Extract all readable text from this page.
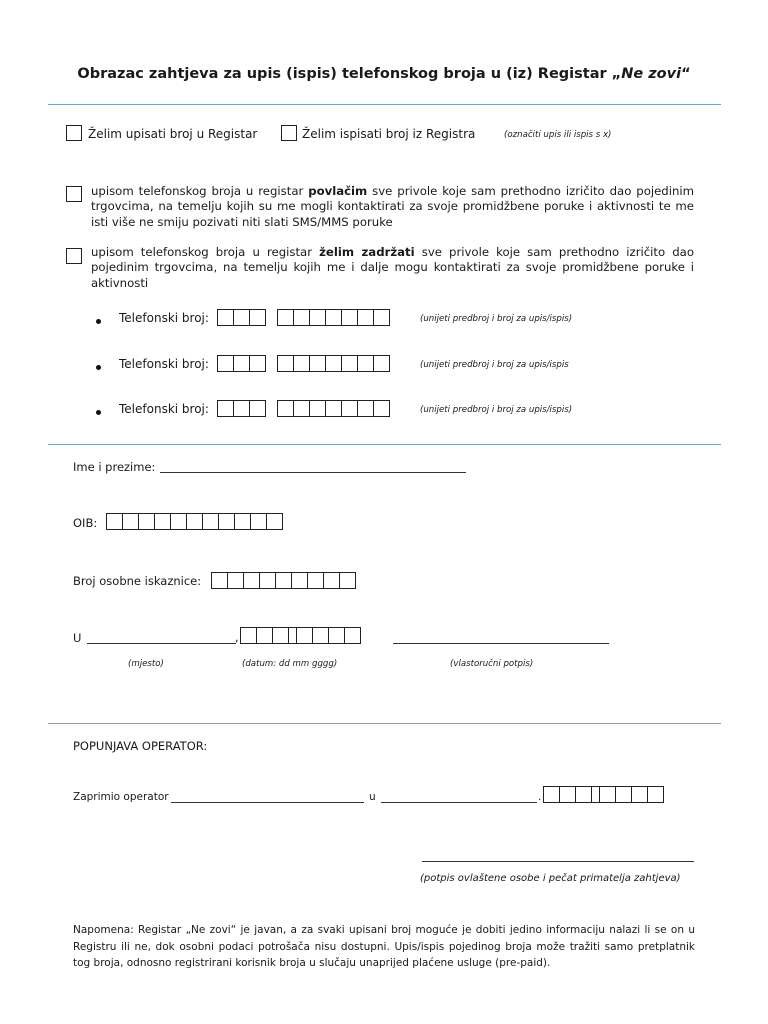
Obrazac zahtjeva za upis (ispis) telefonskog broja u (iz) Registar „Ne zovi“
Želim upisati broj u Registar	Želim ispisati broj iz Registra	(označiti upis ili ispis s x)
upisom telefonskog broja u registar povlačim sve privole koje sam prethodno izričito dao pojedinim trgovcima, na temelju kojih su me mogli kontaktirati za svoje promidžbene poruke i aktivnosti te me isti više ne smiju pozivati niti slati SMS/MMS poruke
upisom telefonskog broja u registar želim zadržati sve privole koje sam prethodno izričito dao pojedinim trgovcima, na temelju kojih me i dalje mogu kontaktirati za svoje promidžbene poruke i aktivnosti
Telefonski broj:	(unijeti predbroj i broj za upis/ispis)
Telefonski broj:	(unijeti predbroj i broj za upis/ispis
Telefonski broj:	(unijeti predbroj i broj za upis/ispis)
Ime i prezime:
OIB:
Broj osobne iskaznice:
U	,
(mjesto)	(datum: dd mm gggg)	(vlastoručni potpis)
POPUNJAVA OPERATOR:
Zaprimio operator	u	.
(potpis ovlaštene osobe i pečat primatelja zahtjeva)
Napomena: Registar „Ne zovi“ je javan, a za svaki upisani broj moguće je dobiti jedino informaciju nalazi li se on u Registru ili ne, dok osobni podaci potrošača nisu dostupni. Upis/ispis pojedinog broja može tražiti samo pretplatnik tog broja, odnosno registrirani korisnik broja u slučaju unaprijed plaćene usluge (pre-paid).
